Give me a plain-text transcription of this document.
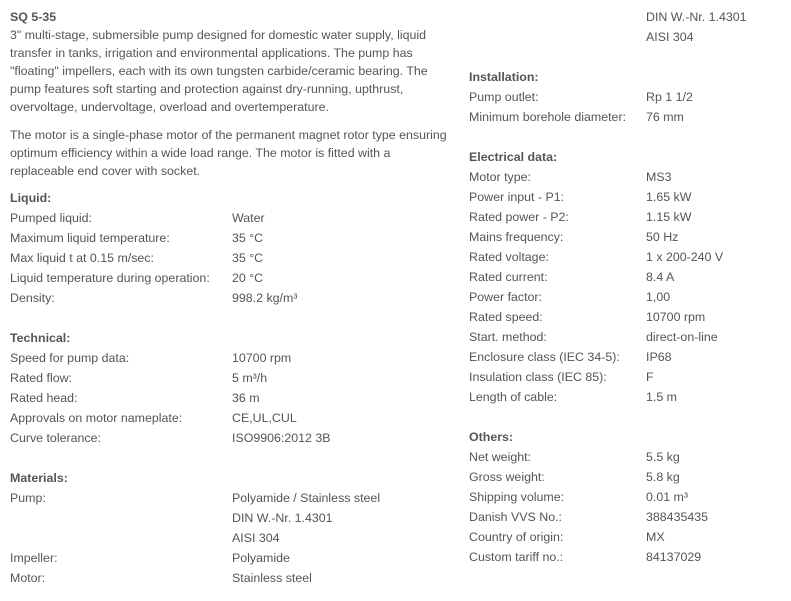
SQ 5-35

3" multi-stage, submersible pump designed for domestic water supply, liquid transfer in tanks, irrigation and environmental applications. The pump has "floating" impellers, each with its own tungsten carbide/ceramic bearing. The pump features soft starting and protection against dry-running, upthrust, overvoltage, undervoltage, overload and overtemperature.

The motor is a single-phase motor of the permanent magnet rotor type ensuring optimum efficiency within a wide load range. The motor is fitted with a replaceable end cover with socket.

Liquid:
Pumped liquid:	Water
Maximum liquid temperature:	35 °C
Max liquid t at 0.15 m/sec:	35 °C
Liquid temperature during operation: 20 °C
Density:	998.2 kg/m³
Technical:
Speed for pump data:	10700 rpm
Rated flow:	5 m³/h
Rated head:	36 m
Approvals on motor nameplate:	CE,UL,CUL
Curve tolerance:	ISO9906:2012 3B
Materials:
Pump:	Polyamide / Stainless steel
DIN W.-Nr. 1.4301
AISI 304
Impeller:	Polyamide
Motor:	Stainless steel
DIN W.-Nr. 1.4301
AISI 304
Installation:
Pump outlet:	Rp 1 1/2
Minimum borehole diameter: 76 mm
Electrical data:
Motor type:	MS3
Power input - P1:	1.65 kW
Rated power - P2:	1.15 kW
Mains frequency:	50 Hz
Rated voltage:	1 x 200-240 V
Rated current:	8.4 A
Power factor:	1,00
Rated speed:	10700 rpm
Start. method:	direct-on-line
Enclosure class (IEC 34-5): IP68
Insulation class (IEC 85):	F
Length of cable:	1.5 m
Others:
Net weight:	5.5 kg
Gross weight:	5.8 kg
Shipping volume:	0.01 m³
Danish VVS No.:	388435435
Country of origin:	MX
Custom tariff no.:	84137029
